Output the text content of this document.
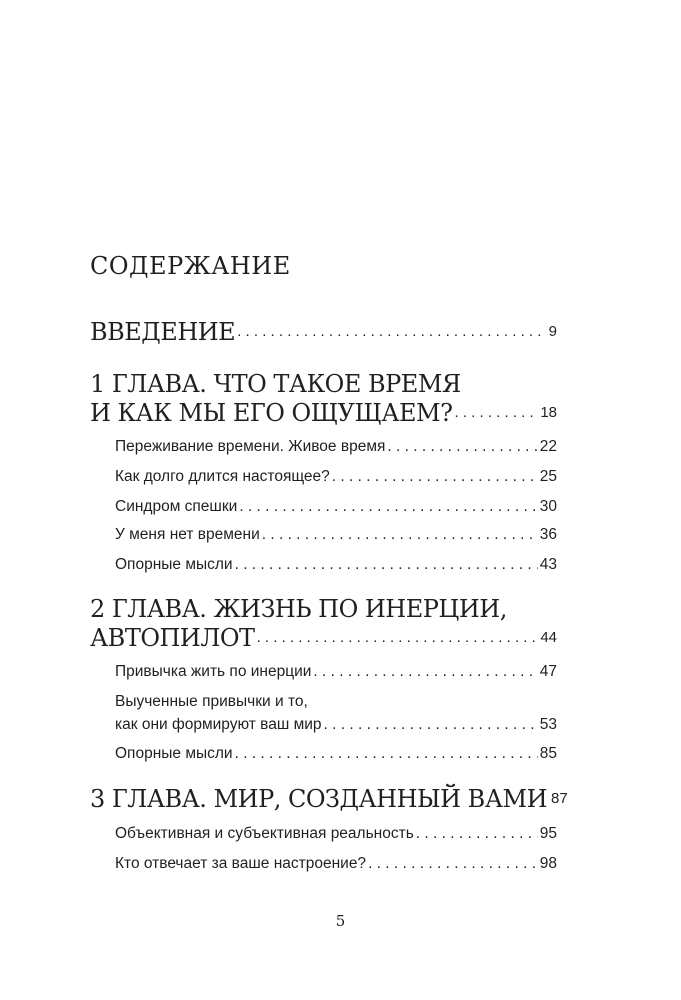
СОДЕРЖАНИЕ
ВВЕДЕНИЕ . . .	9
1 ГЛАВА. ЧТО ТАКОЕ ВРЕМЯ
И КАК МЫ ЕГО ОЩУЩАЕМ? . . .	18
Переживание времени. Живое время . . .	22
Как долго длится настоящее? . . .	25
Синдром спешки . . .	30
У меня нет времени . . .	36
Опорные мысли . . .	43
2 ГЛАВА. ЖИЗНЬ ПО ИНЕРЦИИ,
АВТОПИЛОТ . . .	44
Привычка жить по инерции . . .	47
Выученные привычки и то,
как они формируют ваш мир . . .	53
Опорные мысли . . .	85
3 ГЛАВА. МИР, СОЗДАННЫЙ ВАМИ 87
Объективная и субъективная реальность . . .	95
Кто отвечает за ваше настроение? . . .	98
5
